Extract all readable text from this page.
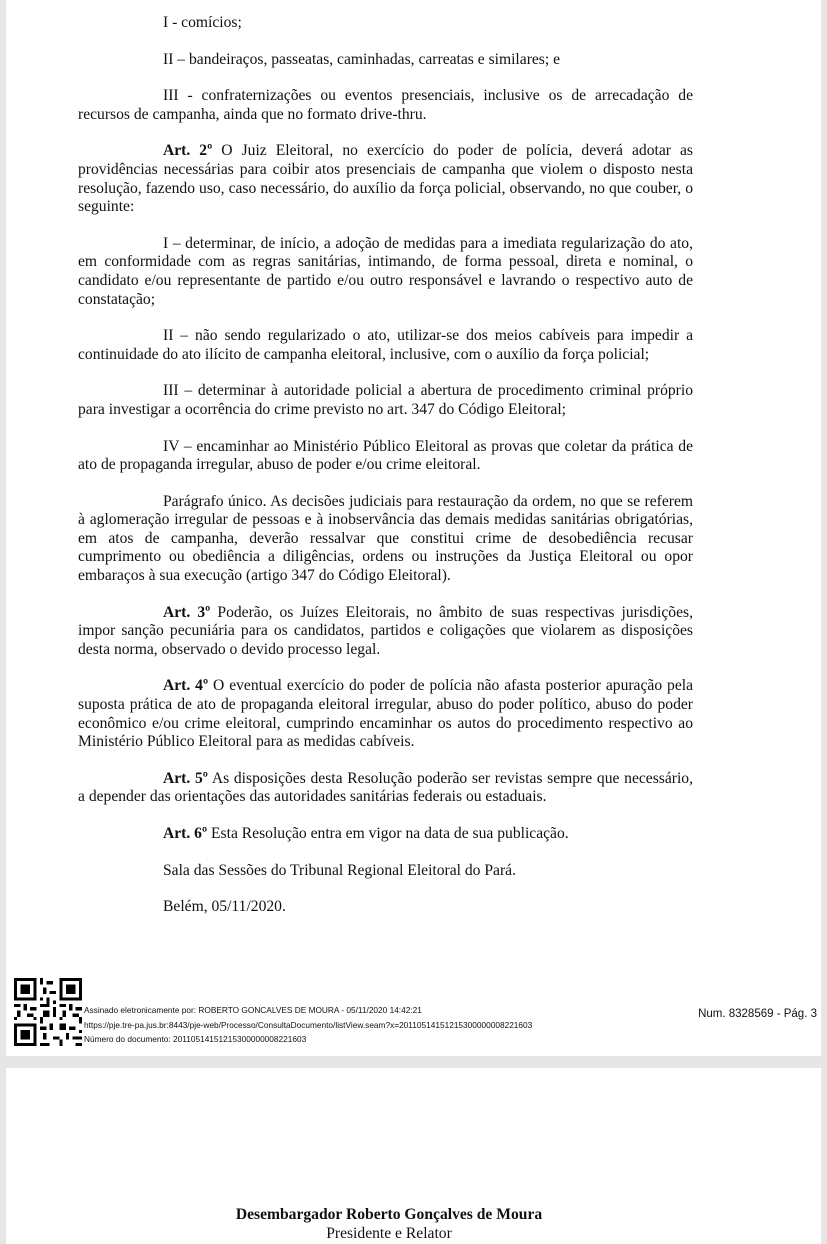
I - comícios;

II – bandeiraços, passeatas, caminhadas, carreatas e similares; e

III - confraternizações ou eventos presenciais, inclusive os de arrecadação de recursos de campanha, ainda que no formato drive-thru.

Art. 2º O Juiz Eleitoral, no exercício do poder de polícia, deverá adotar as providências necessárias para coibir atos presenciais de campanha que violem o disposto nesta resolução, fazendo uso, caso necessário, do auxílio da força policial, observando, no que couber, o seguinte:

I – determinar, de início, a adoção de medidas para a imediata regularização do ato, em conformidade com as regras sanitárias, intimando, de forma pessoal, direta e nominal, o candidato e/ou representante de partido e/ou outro responsável e lavrando o respectivo auto de constatação;

II – não sendo regularizado o ato, utilizar-se dos meios cabíveis para impedir a continuidade do ato ilícito de campanha eleitoral, inclusive, com o auxílio da força policial;

III – determinar à autoridade policial a abertura de procedimento criminal próprio para investigar a ocorrência do crime previsto no art. 347 do Código Eleitoral;

IV – encaminhar ao Ministério Público Eleitoral as provas que coletar da prática de ato de propaganda irregular, abuso de poder e/ou crime eleitoral.

Parágrafo único. As decisões judiciais para restauração da ordem, no que se referem à aglomeração irregular de pessoas e à inobservância das demais medidas sanitárias obrigatórias, em atos de campanha, deverão ressalvar que constitui crime de desobediência recusar cumprimento ou obediência a diligências, ordens ou instruções da Justiça Eleitoral ou opor embaraços à sua execução (artigo 347 do Código Eleitoral).

Art. 3º Poderão, os Juízes Eleitorais, no âmbito de suas respectivas jurisdições, impor sanção pecuniária para os candidatos, partidos e coligações que violarem as disposições desta norma, observado o devido processo legal.

Art. 4º O eventual exercício do poder de polícia não afasta posterior apuração pela suposta prática de ato de propaganda eleitoral irregular, abuso do poder político, abuso do poder econômico e/ou crime eleitoral, cumprindo encaminhar os autos do procedimento respectivo ao Ministério Público Eleitoral para as medidas cabíveis.

Art. 5º As disposições desta Resolução poderão ser revistas sempre que necessário, a depender das orientações das autoridades sanitárias federais ou estaduais.

Art. 6º Esta Resolução entra em vigor na data de sua publicação.

Sala das Sessões do Tribunal Regional Eleitoral do Pará.

Belém, 05/11/2020.

Assinado eletronicamente por: ROBERTO GONCALVES DE MOURA - 05/11/2020 14:42:21
https://pje.tre-pa.jus.br:8443/pje-web/Processo/ConsultaDocumento/listView.seam?x=20110514151215300000008221603
Número do documento: 20110514151215300000008221603
Num. 8328569 - Pág. 3
Desembargador Roberto Gonçalves de Moura
Presidente e Relator
